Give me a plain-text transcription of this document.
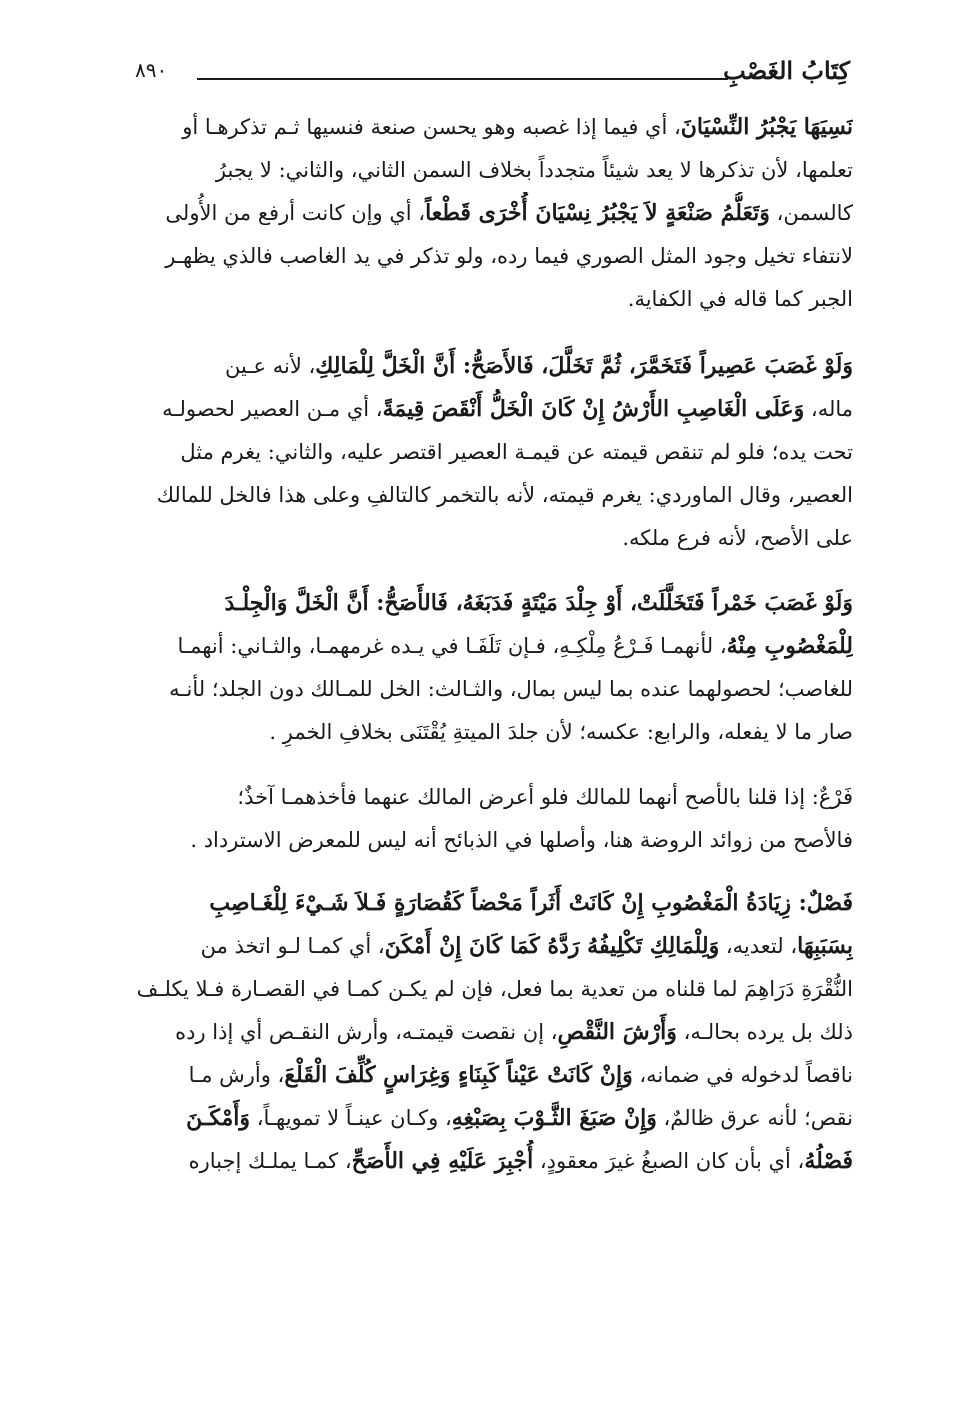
كِتَابُ الغَصْبِ
٨٩٠
نَسِيَهَا يَجْبُرُ النِّسْيَانَ، أي فيما إذا غصبه وهو يحسن صنعة فنسيها ثـم تذكرهـا أو
تعلمها، لأن تذكرها لا يعد شيئاً متجدداً بخلاف السمن الثاني، والثاني: لا يجبرُ
كالسمن، وَتَعَلُّمُ صَنْعَةٍ لاَ يَجْبُرُ نِسْيَانَ أُخْرَى قَطْعاً، أي وإن كانت أرفع من الأُولى
لانتفاء تخيل وجود المثل الصوري فيما رده، ولو تذكر في يد الغاصب فالذي يظهـر
الجبر كما قاله في الكفاية.
وَلَوْ غَصَبَ عَصِيراً فَتَخَمَّرَ، ثُمَّ تَخَلَّلَ، فَالأَصَحُّ: أَنَّ الْخَلَّ لِلْمَالِكِ، لأنه عـين
ماله، وَعَلَى الْغَاصِبِ الأَرْشُ إِنْ كَانَ الْخَلُّ أَنْقَصَ قِيمَةً، أي مـن العصير لحصولـه
تحت يده؛ فلو لم تنقص قيمته عن قيمـة العصير اقتصر عليه، والثاني: يغرم مثل
العصير، وقال الماوردي: يغرم قيمته، لأنه بالتخمر كالتالفِ وعلى هذا فالخل للمالك
على الأصح، لأنه فرع ملكه.
وَلَوْ غَصَبَ خَمْراً فَتَخَلَّلَتْ، أَوْ جِلْدَ مَيْتَةٍ فَدَبَغَهُ، فَالأَصَحُّ: أَنَّ الْخَلَّ وَالْجِلْـدَ
لِلْمَغْصُوبِ مِنْهُ، لأنهمـا فَـرْعُ مِلْكِـهِ، فـإن تَلَفَـا في يـده غرمهمـا، والثـاني: أنهمـا
للغاصب؛ لحصولهما عنده بما ليس بمال، والثـالث: الخل للمـالك دون الجلد؛ لأنـه
صار ما لا يفعله، والرابع: عكسه؛ لأن جلدَ الميتةِ يُقْتَنَى بخلافِ الخمرِ .
فَرْعٌ: إذا قلنا بالأصح أنهما للمالك فلو أعرض المالك عنهما فأخذهمـا آخذٌ؛
فالأصح من زوائد الروضة هنا، وأصلها في الذبائح أنه ليس للمعرض الاسترداد .
فَصْلٌ: زِيَادَةُ الْمَغْصُوبِ إِنْ كَانَتْ أَثَراً مَحْضاً كَقُصَارَةٍ فَـلاَ شَـيْءَ لِلْغَـاصِبِ
بِسَبَبِهَا، لتعديه، وَلِلْمَالِكِ تَكْلِيفُهُ رَدَّهُ كَمَا كَانَ إِنْ أَمْكَنَ، أي كمـا لـو اتخذ من
النُّقْرَةِ دَرَاهِمَ لما قلناه من تعدية بما فعل، فإن لم يكـن كمـا في القصـارة فـلا يكلـف
ذلك بل يرده بحالـه، وَأَرْشَ النَّقْصِ، إن نقصت قيمتـه، وأرش النقـص أي إذا رده
ناقصاً لدخوله في ضمانه، وَإِنْ كَانَتْ عَيْناً كَبِنَاءٍ وَغِرَاسٍ كُلِّفَ الْقَلْعَ، وأرش مـا
نقص؛ لأنه عرق ظالمٌ، وَإِنْ صَبَغَ الثَّـوْبَ بِصَبْغِهِ، وكـان عينـاً لا تمويهـاً، وَأَمْكَـنَ
فَصْلُهُ، أي بأن كان الصبغُ غيرَ معقودٍ، أُجْبِرَ عَلَيْهِ فِي الأَصَحِّ، كمـا يملـك إجباره
